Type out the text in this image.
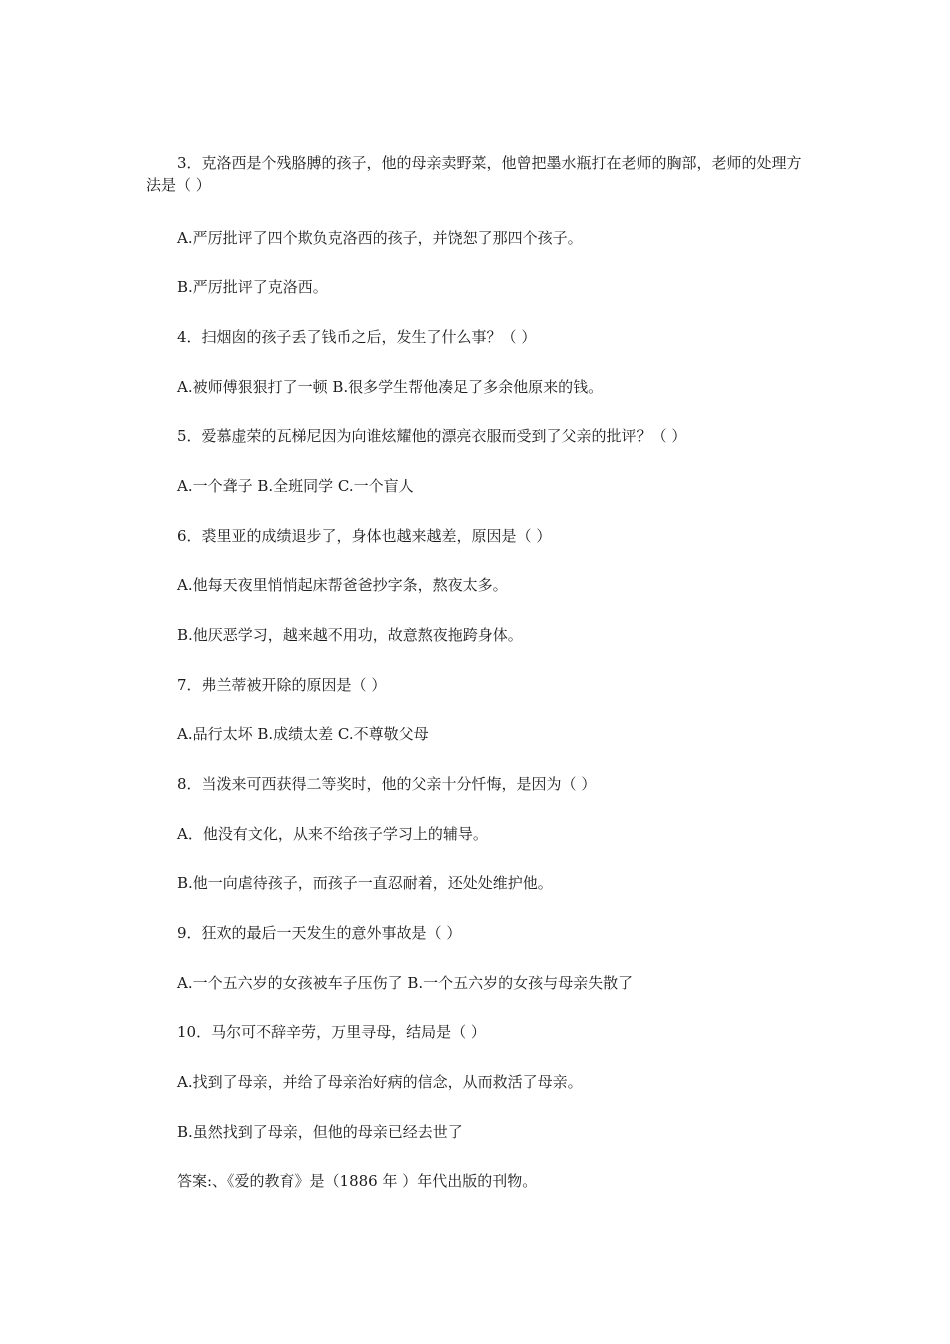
3．克洛西是个残胳膊的孩子，他的母亲卖野菜，他曾把墨水瓶打在老师的胸部，老师的处理方法是（ ）

A.严厉批评了四个欺负克洛西的孩子，并饶恕了那四个孩子。
B.严厉批评了克洛西。
4．扫烟囱的孩子丢了钱币之后，发生了什么事？（ ）
A.被师傅狠狠打了一顿 B.很多学生帮他凑足了多余他原来的钱。
5．爱慕虚荣的瓦梯尼因为向谁炫耀他的漂亮衣服而受到了父亲的批评？（ ）
A.一个聋子 B.全班同学 C.一个盲人
6．裘里亚的成绩退步了，身体也越来越差，原因是（ ）
A.他每天夜里悄悄起床帮爸爸抄字条，熬夜太多。
B.他厌恶学习，越来越不用功，故意熬夜拖跨身体。
7．弗兰蒂被开除的原因是（ ）
A.品行太坏 B.成绩太差 C.不尊敬父母
8．当泼来可西获得二等奖时，他的父亲十分忏悔，是因为（ ）
A．他没有文化，从来不给孩子学习上的辅导。
B.他一向虐待孩子，而孩子一直忍耐着，还处处维护他。
9．狂欢的最后一天发生的意外事故是（ ）
A.一个五六岁的女孩被车子压伤了 B.一个五六岁的女孩与母亲失散了
10．马尔可不辞辛劳，万里寻母，结局是（ ）
A.找到了母亲，并给了母亲治好病的信念，从而救活了母亲。
B.虽然找到了母亲，但他的母亲已经去世了
答案:、《爱的教育》是（1886 年 ）年代出版的刊物。
